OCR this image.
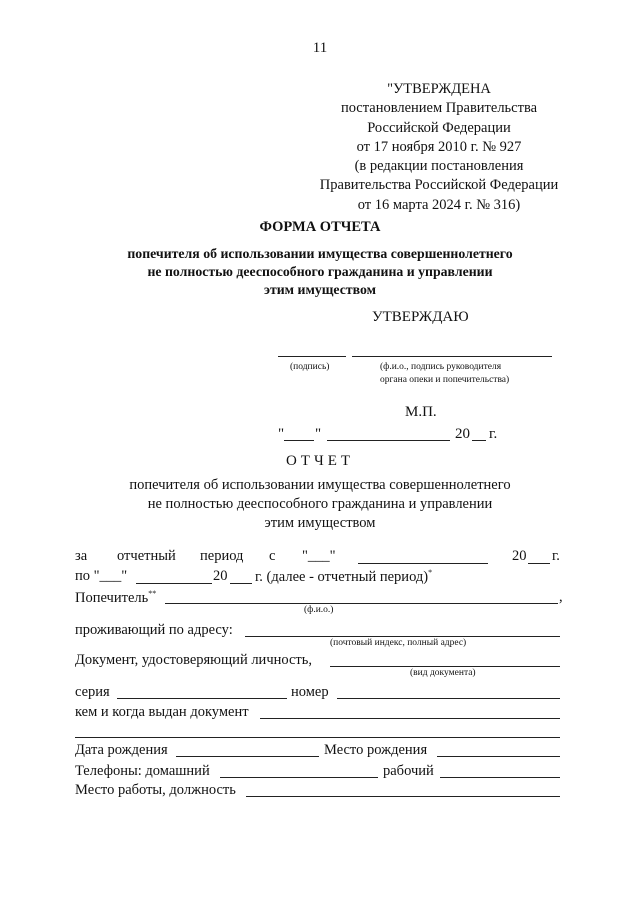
11
"УТВЕРЖДЕНА
постановлением Правительства
Российской Федерации
от 17 ноября 2010 г. № 927
(в редакции постановления
Правительства Российской Федерации
от 16 марта 2024 г. № 316)
ФОРМА ОТЧЕТА
попечителя об использовании имущества совершеннолетнего
не полностью дееспособного гражданина и управлении
этим имуществом
УТВЕРЖДАЮ
(подпись)	(ф.и.о., подпись руководителя
органа опеки и попечительства)
М.П.
" "	20 г.
ОТЧЕТ
попечителя об использовании имущества совершеннолетнего
не полностью дееспособного гражданина и управлении
этим имуществом
за отчетный период с "___"	20 г.
по "___"	20 г. (далее - отчетный период)*
Попечитель**	,
(ф.и.о.)
проживающий по адресу:
(почтовый индекс, полный адрес)
Документ, удостоверяющий личность,
(вид документа)
серия	номер
кем и когда выдан документ
Дата рождения	Место рождения
Телефоны: домашний	рабочий
Место работы, должность
